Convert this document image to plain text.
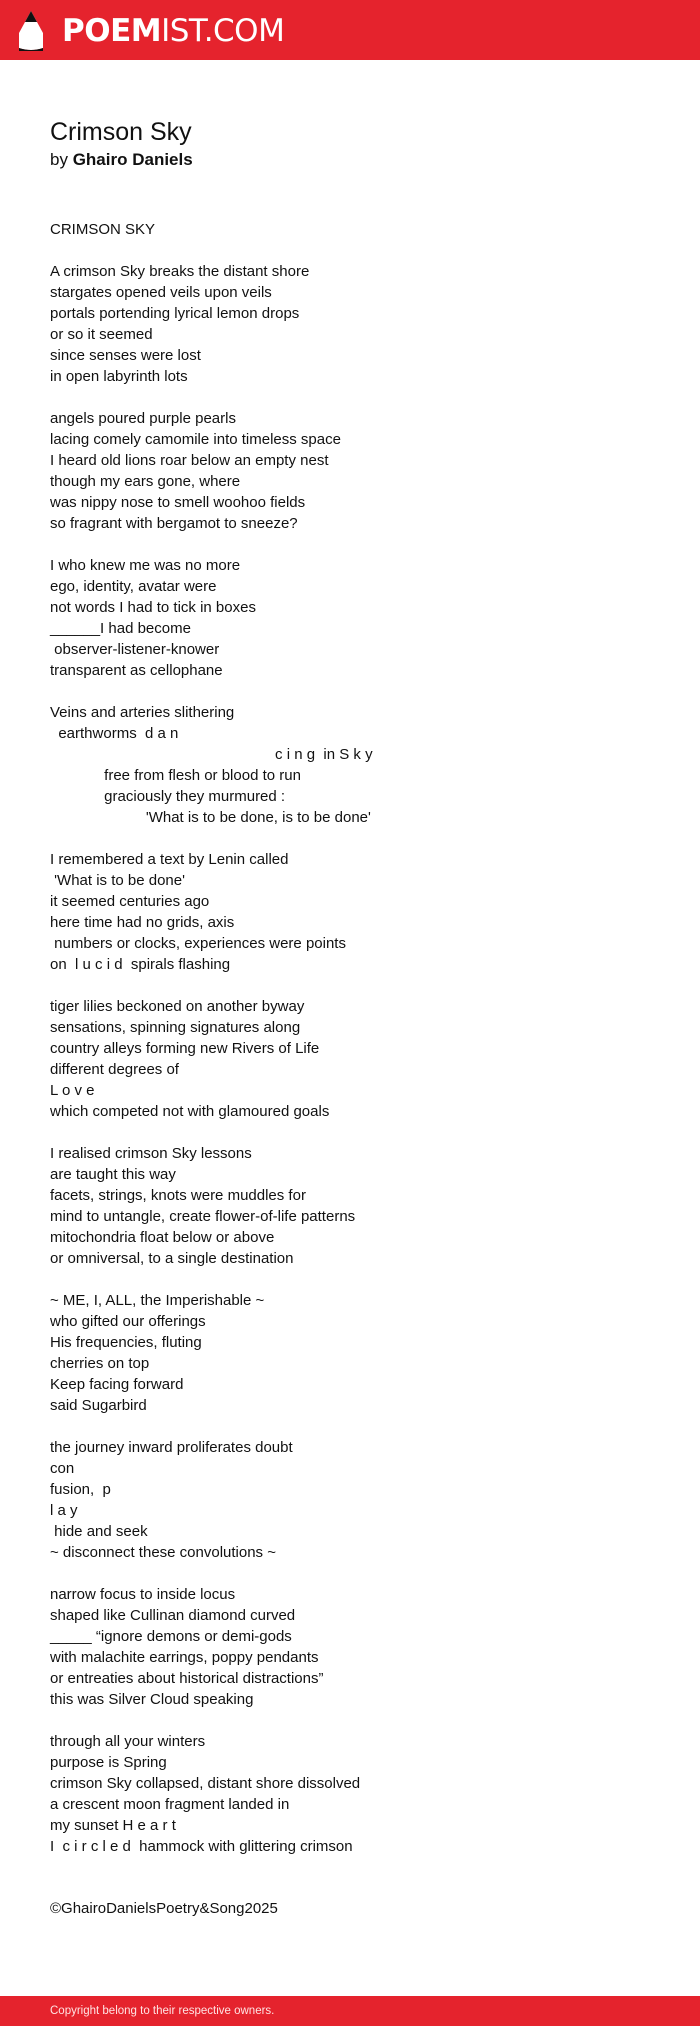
POEMIST.COM
Crimson Sky
by Ghairo Daniels
CRIMSON SKY
A crimson Sky breaks the distant shore
stargates opened veils upon veils
portals portending lyrical lemon drops
or so it seemed
since senses were lost
in open labyrinth lots
angels poured purple pearls
lacing comely camomile into timeless space
I heard old lions roar below an empty nest
though my ears gone, where
was nippy nose to smell woohoo fields
so fragrant with bergamot to sneeze?
I who knew me was no more
ego, identity, avatar were
not words I had to tick in boxes
______I had become
observer-listener-knower
transparent as cellophane
Veins and arteries slithering
earthworms  d a n
c i n g  in S k y
free from flesh or blood to run
graciously they murmured :
'What is to be done, is to be done'
I remembered a text by Lenin called
'What is to be done'
it seemed centuries ago
here time had no grids, axis
numbers or clocks, experiences were points
on  l u c i d  spirals flashing
tiger lilies beckoned on another byway
sensations, spinning signatures along
country alleys forming new Rivers of Life
different degrees of
L o v e
which competed not with glamoured goals
I realised crimson Sky lessons
are taught this way
facets, strings, knots were muddles for
mind to untangle, create flower-of-life patterns
mitochondria float below or above
or omniversal, to a single destination
~ ME, I, ALL, the Imperishable ~
who gifted our offerings
His frequencies, fluting
cherries on top
Keep facing forward
said Sugarbird
the journey inward proliferates doubt
con
fusion,  p
l a y
hide and seek
~ disconnect these convolutions ~
narrow focus to inside locus
shaped like Cullinan diamond curved
_____ “ignore demons or demi-gods
with malachite earrings, poppy pendants
or entreaties about historical distractions”
this was Silver Cloud speaking
through all your winters
purpose is Spring
crimson Sky collapsed, distant shore dissolved
a crescent moon fragment landed in
my sunset H e a r t
I  c i r c l e d  hammock with glittering crimson
©GhairoDanielsPoetry&Song2025
Copyright belong to their respective owners.
